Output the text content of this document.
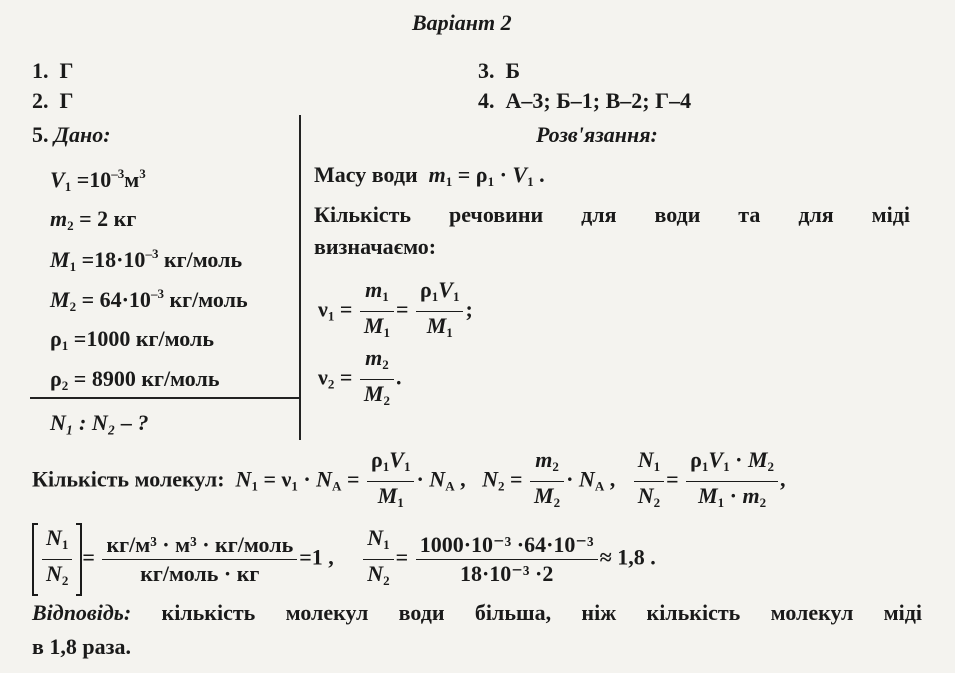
Варіант 2
1. Г
2. Г
3. Б
4. А–3; Б–1; В–2; Г–4
5. Дано:
$V_1 =10^{-3}м^3$
$m_2 = 2$ кг
$M_1 =18\cdot 10^{-3}$ кг/моль
$M_2 = 64\cdot 10^{-3}$ кг/моль
$\rho_1 =1000$ кг/моль
$\rho_2 = 8900$ кг/моль
N₁ : N₂ – ?
Розв'язання:
Масу води $m_1 = \rho_1 \cdot V_1$ .
Кількість речовини для води та для міді
визначаємо:
$\nu_1 = \frac{m_1}{M_1} = \frac{\rho_1V_1}{M_1}$ ;
$\nu_2 = \frac{m_2}{M_2}$ .
Кількість молекул: $N_1 = \nu_1 \cdot N_A = \frac{\rho_1V_1}{M_1} \cdot N_A$ ,   $N_2 = \frac{m_2}{M_2} \cdot N_A$ , $\frac{N_1}{N_2} = \frac{\rho_1V_1 \cdot M_2}{M_1 \cdot m_2}$ ,
$\frac{N_1}{N_2} = \frac{\text{кг/м³ · м³ · кг/моль}}{\text{кг/моль · кг}} =1$ , $\frac{N_1}{N_2} = \frac{\text{1000·10⁻³ ·64·10⁻³}}{\text{18·10⁻³ ·2}} \approx 1,8$ .
Відповідь: кількість молекул води більша, ніж кількість молекул міді
в 1,8 раза.
